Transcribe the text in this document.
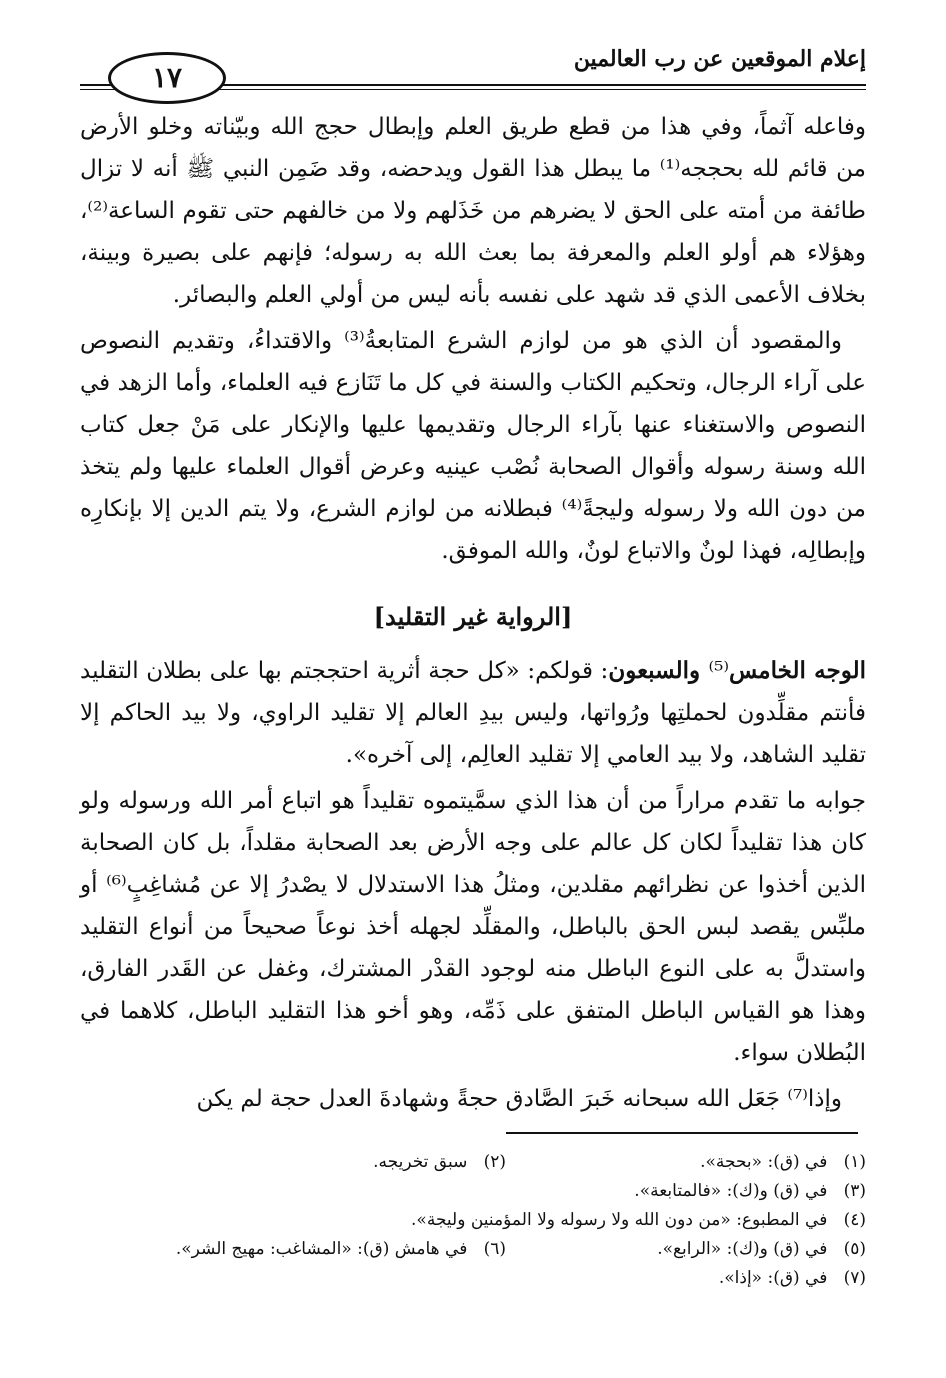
إعلام الموقعين عن رب العالمين
١٧

وفاعله آثماً، وفي هذا من قطع طريق العلم وإبطال حجج الله وبيّناته وخلو الأرض من قائم لله بحججه⁽¹⁾ ما يبطل هذا القول ويدحضه، وقد ضَمِن النبي ﷺ أنه لا تزال طائفة من أمته على الحق لا يضرهم من خَذَلهم ولا من خالفهم حتى تقوم الساعة⁽²⁾، وهؤلاء هم أولو العلم والمعرفة بما بعث الله به رسوله؛ فإنهم على بصيرة وبينة، بخلاف الأعمى الذي قد شهد على نفسه بأنه ليس من أولي العلم والبصائر.

والمقصود أن الذي هو من لوازم الشرع المتابعةُ⁽³⁾ والاقتداءُ، وتقديم النصوص على آراء الرجال، وتحكيم الكتاب والسنة في كل ما تَنَازع فيه العلماء، وأما الزهد في النصوص والاستغناء عنها بآراء الرجال وتقديمها عليها والإنكار على مَنْ جعل كتاب الله وسنة رسوله وأقوال الصحابة نُصْب عينيه وعرض أقوال العلماء عليها ولم يتخذ من دون الله ولا رسوله وليجةً⁽⁴⁾ فبطلانه من لوازم الشرع، ولا يتم الدين إلا بإنكارِه وإبطالِه، فهذا لونٌ والاتباع لونٌ، والله الموفق.

[الرواية غير التقليد]

الوجه الخامس⁽⁵⁾ والسبعون: قولكم: «كل حجة أثرية احتججتم بها على بطلان التقليد فأنتم مقلِّدون لحملتِها ورُواتها، وليس بيدِ العالم إلا تقليد الراوي، ولا بيد الحاكم إلا تقليد الشاهد، ولا بيد العامي إلا تقليد العالِم، إلى آخره».

جوابه ما تقدم مراراً من أن هذا الذي سمَّيتموه تقليداً هو اتباع أمر الله ورسوله ولو كان هذا تقليداً لكان كل عالم على وجه الأرض بعد الصحابة مقلداً، بل كان الصحابة الذين أخذوا عن نظرائهم مقلدين، ومثلُ هذا الاستدلال لا يصْدرُ إلا عن مُشاغِبٍ⁽⁶⁾ أو ملبِّس يقصد لبس الحق بالباطل، والمقلِّد لجهله أخذ نوعاً صحيحاً من أنواع التقليد واستدلَّ به على النوع الباطل منه لوجود القدْر المشترك، وغفل عن القَدر الفارق، وهذا هو القياس الباطل المتفق على ذَمِّه، وهو أخو هذا التقليد الباطل، كلاهما في البُطلان سواء.

وإذا⁽⁷⁾ جَعَل الله سبحانه خَبرَ الصَّادق حجةً وشهادةَ العدل حجة لم يكن

(١)   في (ق): «بحجة».
(٢)   سبق تخريجه.
(٣)   في (ق) و(ك): «فالمتابعة».
(٤)   في المطبوع: «من دون الله ولا رسوله ولا المؤمنين وليجة».
(٥)   في (ق) و(ك): «الرابع».
(٦)   في هامش (ق): «المشاغب: مهيج الشر».
(٧)   في (ق): «إذا».
